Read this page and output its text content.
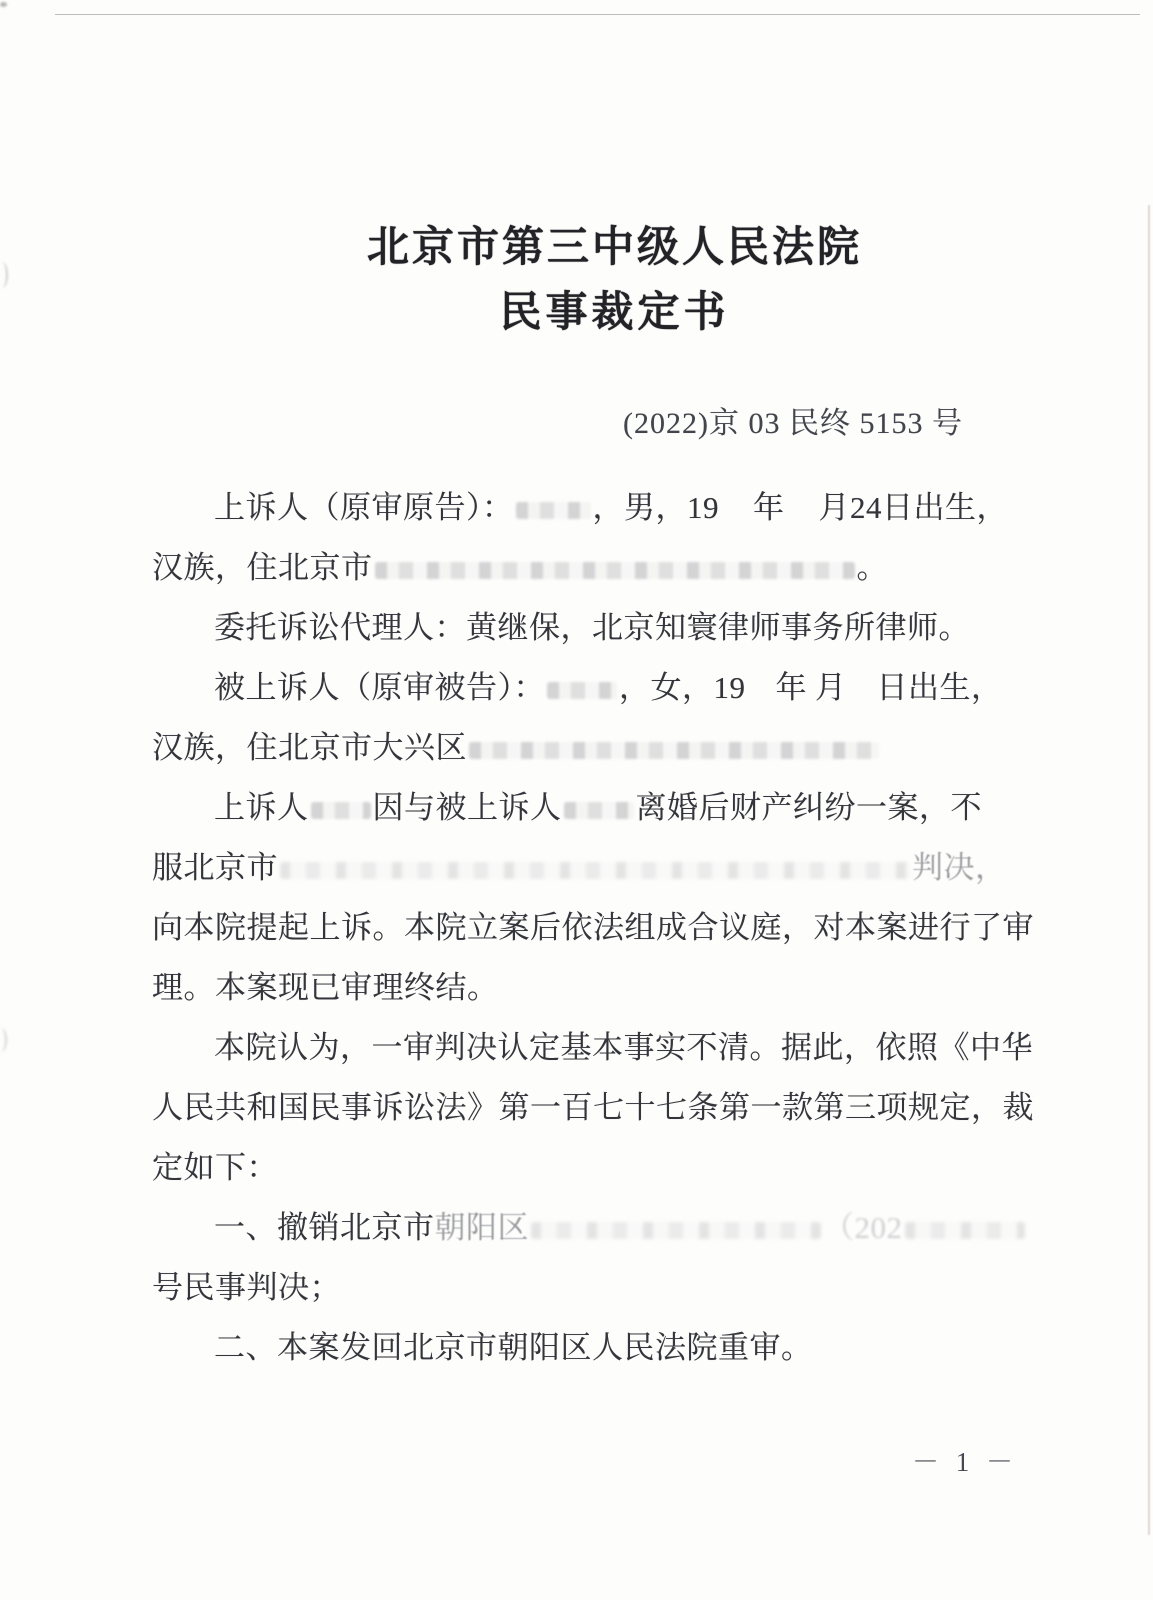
北京市第三中级人民法院
民事裁定书
(2022)京 03 民终 5153 号
上诉人（原审原告）：	，男，19 年 月24日出生，
汉族，住北京市	。
委托诉讼代理人：黄继保，北京知寰律师事务所律师。
被上诉人（原审被告）： ，女，19 年 月 日出生，
汉族，住北京市大兴区
上诉人 因与被上诉人 离婚后财产纠纷一案，不
服北京市	判决，
向本院提起上诉。本院立案后依法组成合议庭，对本案进行了审
理。本案现已审理终结。
本院认为，一审判决认定基本事实不清。据此，依照《中华
人民共和国民事诉讼法》第一百七十七条第一款第三项规定，裁
定如下：
一、撤销北京市朝阳区	（202
号民事判决；
二、本案发回北京市朝阳区人民法院重审。
－ 1 －
